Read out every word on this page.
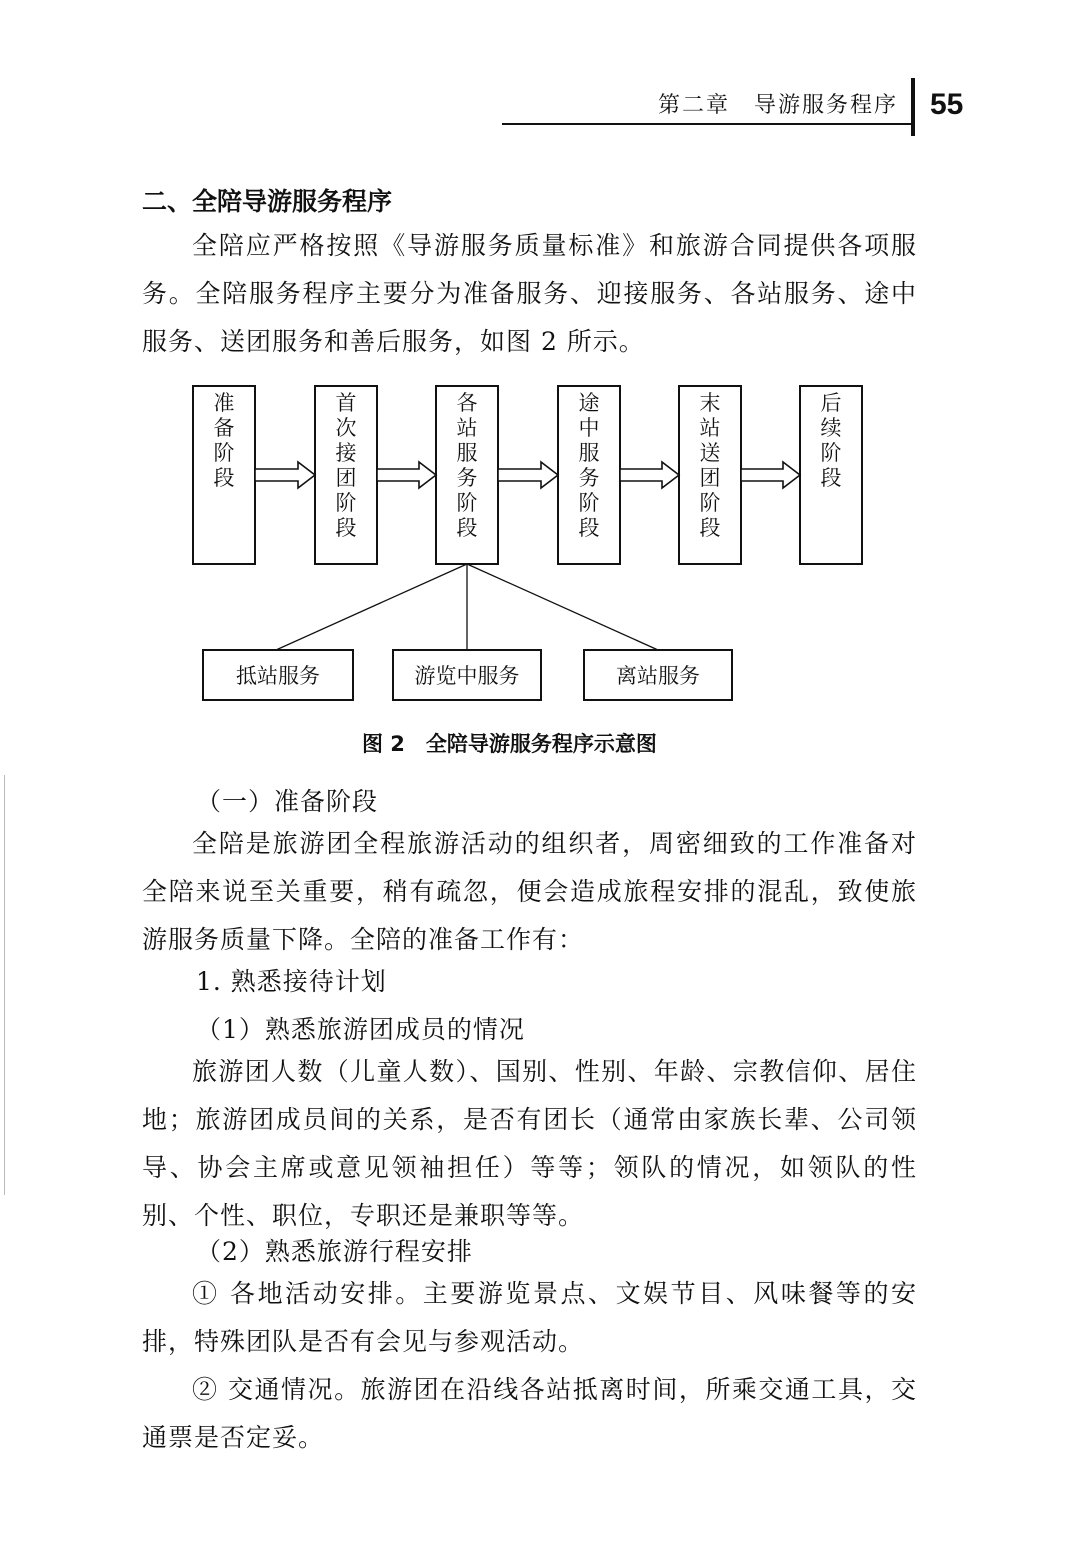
第二章　导游服务程序 55
二、全陪导游服务程序

全陪应严格按照《导游服务质量标准》和旅游合同提供各项服务。全陪服务程序主要分为准备服务、迎接服务、各站服务、途中服务、送团服务和善后服务，如图 2 所示。

准备阶段
首次接团阶段
各站服务阶段
途中服务阶段
末站送团阶段
后续阶段
抵站服务	游览中服务	离站服务
图 2　全陪导游服务程序示意图
（一）准备阶段

全陪是旅游团全程旅游活动的组织者，周密细致的工作准备对全陪来说至关重要，稍有疏忽，便会造成旅程安排的混乱，致使旅游服务质量下降。全陪的准备工作有：

1. 熟悉接待计划
（1）熟悉旅游团成员的情况

旅游团人数（儿童人数）、国别、性别、年龄、宗教信仰、居住地；旅游团成员间的关系，是否有团长（通常由家族长辈、公司领导、协会主席或意见领袖担任）等等；领队的情况，如领队的性别、个性、职位，专职还是兼职等等。

（2）熟悉旅游行程安排

① 各地活动安排。主要游览景点、文娱节目、风味餐等的安排，特殊团队是否有会见与参观活动。

② 交通情况。旅游团在沿线各站抵离时间，所乘交通工具，交通票是否定妥。
